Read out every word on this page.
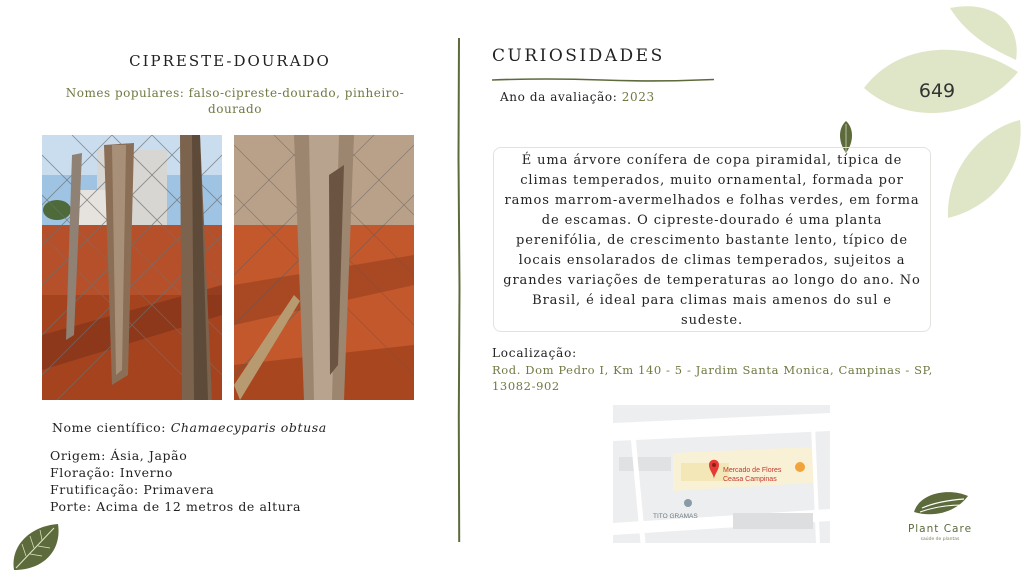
CIPRESTE-DOURADO
Nomes populares: falso-cipreste-dourado, pinheiro-dourado
Nome científico: Chamaecyparis obtusa
Origem: Ásia, Japão
Floração: Inverno
Frutificação: Primavera
Porte: Acima de 12 metros de altura
CURIOSIDADES
Ano da avaliação: 2023	649
É uma árvore conífera de copa piramidal, típica de climas temperados, muito ornamental, formada por ramos marrom-avermelhados e folhas verdes, em forma de escamas. O cipreste-dourado é uma planta perenifólia, de crescimento bastante lento, típico de locais ensolarados de climas temperados, sujeitos a grandes variações de temperaturas ao longo do ano. No Brasil, é ideal para climas mais amenos do sul e sudeste.
Localização:
Rod. Dom Pedro I, Km 140 - 5 - Jardim Santa Monica, Campinas - SP, 13082-902
Mercado de Flores
Ceasa Campinas
TITO GRAMAS
Plant Care
saúde de plantas
